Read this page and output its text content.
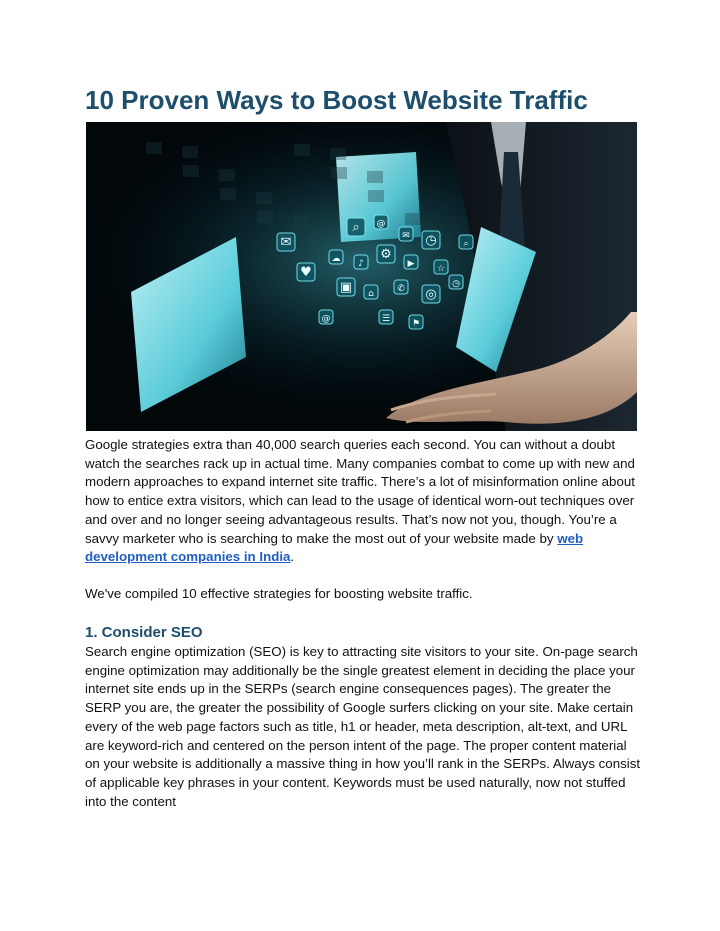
10 Proven Ways to Boost Website Traffic
⌕ @
✉ ◷
☁ ♪
⚙
▶	☆
▣ ⌂	✆ ◎
☰ ⚑
♥
⌕
@
✉
◷

Google strategies extra than 40,000 search queries each second. You can without a doubt watch the searches rack up in actual time. Many companies combat to come up with new and modern approaches to expand internet site traffic. There’s a lot of misinformation online about how to entice extra visitors, which can lead to the usage of identical worn-out techniques over and over and no longer seeing advantageous results. That’s now not you, though. You’re a savvy marketer who is searching to make the most out of your website made by web development companies in India.

We've compiled 10 effective strategies for boosting website traffic.

1. Consider SEO

Search engine optimization (SEO) is key to attracting site visitors to your site. On-page search engine optimization may additionally be the single greatest element in deciding the place your internet site ends up in the SERPs (search engine consequences pages). The greater the SERP you are, the greater the possibility of Google surfers clicking on your site. Make certain every of the web page factors such as title, h1 or header, meta description, alt-text, and URL are keyword-rich and centered on the person intent of the page. The proper content material on your website is additionally a massive thing in how you’ll rank in the SERPs. Always consist of applicable key phrases in your content. Keywords must be used naturally, now not stuffed into the content
